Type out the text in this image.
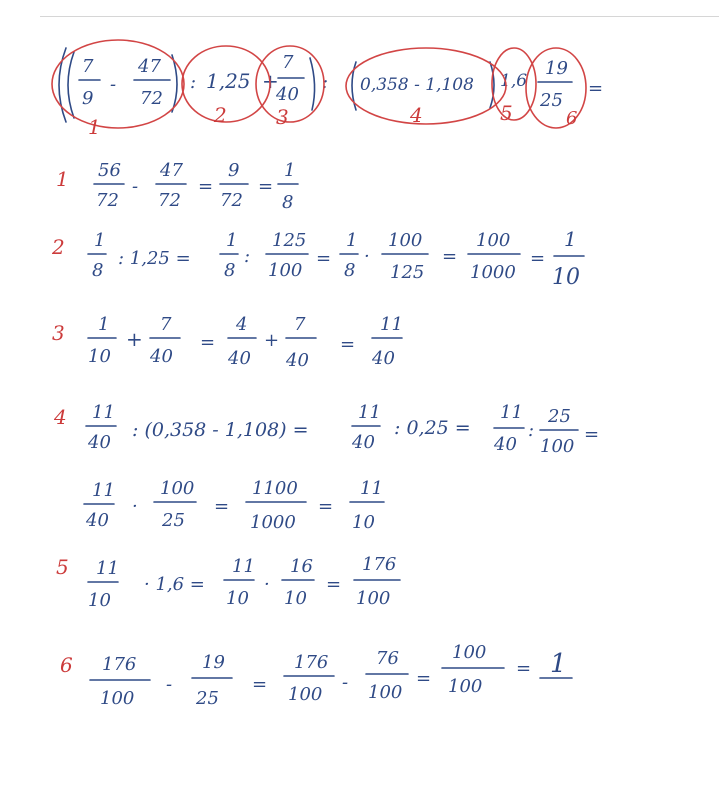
7
9
-
47
72
: 1,25 +
7
40
: 0,358 - 1,108 1,6
19
25
=
1	2 3	4	5	6
1
2
3
4
5
6
56
72
-
47
72
=
9
72
=
1
8
1
8
: 1,25 =
1
8
:
125
100
=
1
8
·
100
125
=
100
1000
=
1
10
1
10
+
7
40
=
4
40
+
7
40
=
11
40
11
40
: (0,358 - 1,108) =
11
40
: 0,25 =
11
40
:
25
100
=
11
40
·
100
25
=
1100
1000
=
11
10
11
10
· 1,6 =
11
10
·
16
10
=
176
100
176
100
-
19
25
=
176
100
-
76
100
=
100
100
= 1
